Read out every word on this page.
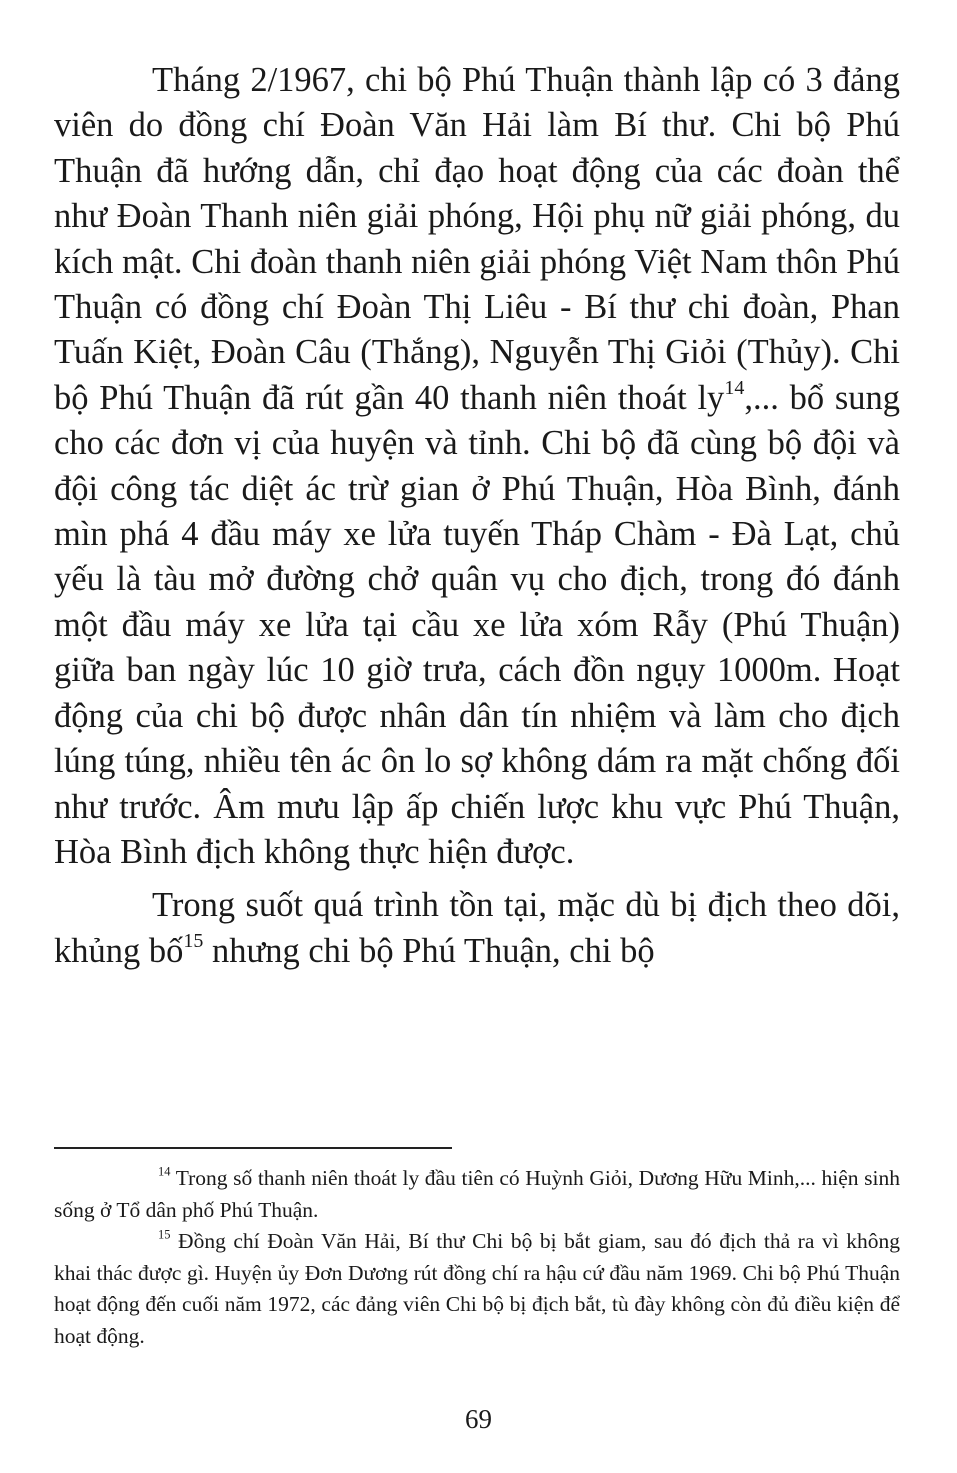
Tháng 2/1967, chi bộ Phú Thuận thành lập có 3 đảng viên do đồng chí Đoàn Văn Hải làm Bí thư. Chi bộ Phú Thuận đã hướng dẫn, chỉ đạo hoạt động của các đoàn thể như Đoàn Thanh niên giải phóng, Hội phụ nữ giải phóng, du kích mật. Chi đoàn thanh niên giải phóng Việt Nam thôn Phú Thuận có đồng chí Đoàn Thị Liêu - Bí thư chi đoàn, Phan Tuấn Kiệt, Đoàn Câu (Thắng), Nguyễn Thị Giỏi (Thủy). Chi bộ Phú Thuận đã rút gần 40 thanh niên thoát $ly^{14}$,... bổ sung cho các đơn vị của huyện và tỉnh. Chi bộ đã cùng bộ đội và đội công tác diệt ác trừ gian ở Phú Thuận, Hòa Bình, đánh mìn phá 4 đầu máy xe lửa tuyến Tháp Chàm - Đà Lạt, chủ yếu là tàu mở đường chở quân vụ cho địch, trong đó đánh một đầu máy xe lửa tại cầu xe lửa xóm Rẫy (Phú Thuận) giữa ban ngày lúc 10 giờ trưa, cách đồn ngụy 1000m. Hoạt động của chi bộ được nhân dân tín nhiệm và làm cho địch lúng túng, nhiều tên ác ôn lo sợ không dám ra mặt chống đối như trước. Âm mưu lập ấp chiến lược khu vực Phú Thuận, Hòa Bình địch không thực hiện được.

Trong suốt quá trình tồn tại, mặc dù bị địch theo dõi, khủng bố$^{15}$ nhưng chi bộ Phú Thuận, chi bộ

$^{14}$ Trong số thanh niên thoát ly đầu tiên có Huỳnh Giỏi, Dương Hữu Minh,... hiện sinh sống ở Tổ dân phố Phú Thuận.

$^{15}$ Đồng chí Đoàn Văn Hải, Bí thư Chi bộ bị bắt giam, sau đó địch thả ra vì không khai thác được gì. Huyện ủy Đơn Dương rút đồng chí ra hậu cứ đầu năm 1969. Chi bộ Phú Thuận hoạt động đến cuối năm 1972, các đảng viên Chi bộ bị địch bắt, tù đày không còn đủ điều kiện để hoạt động.

69
